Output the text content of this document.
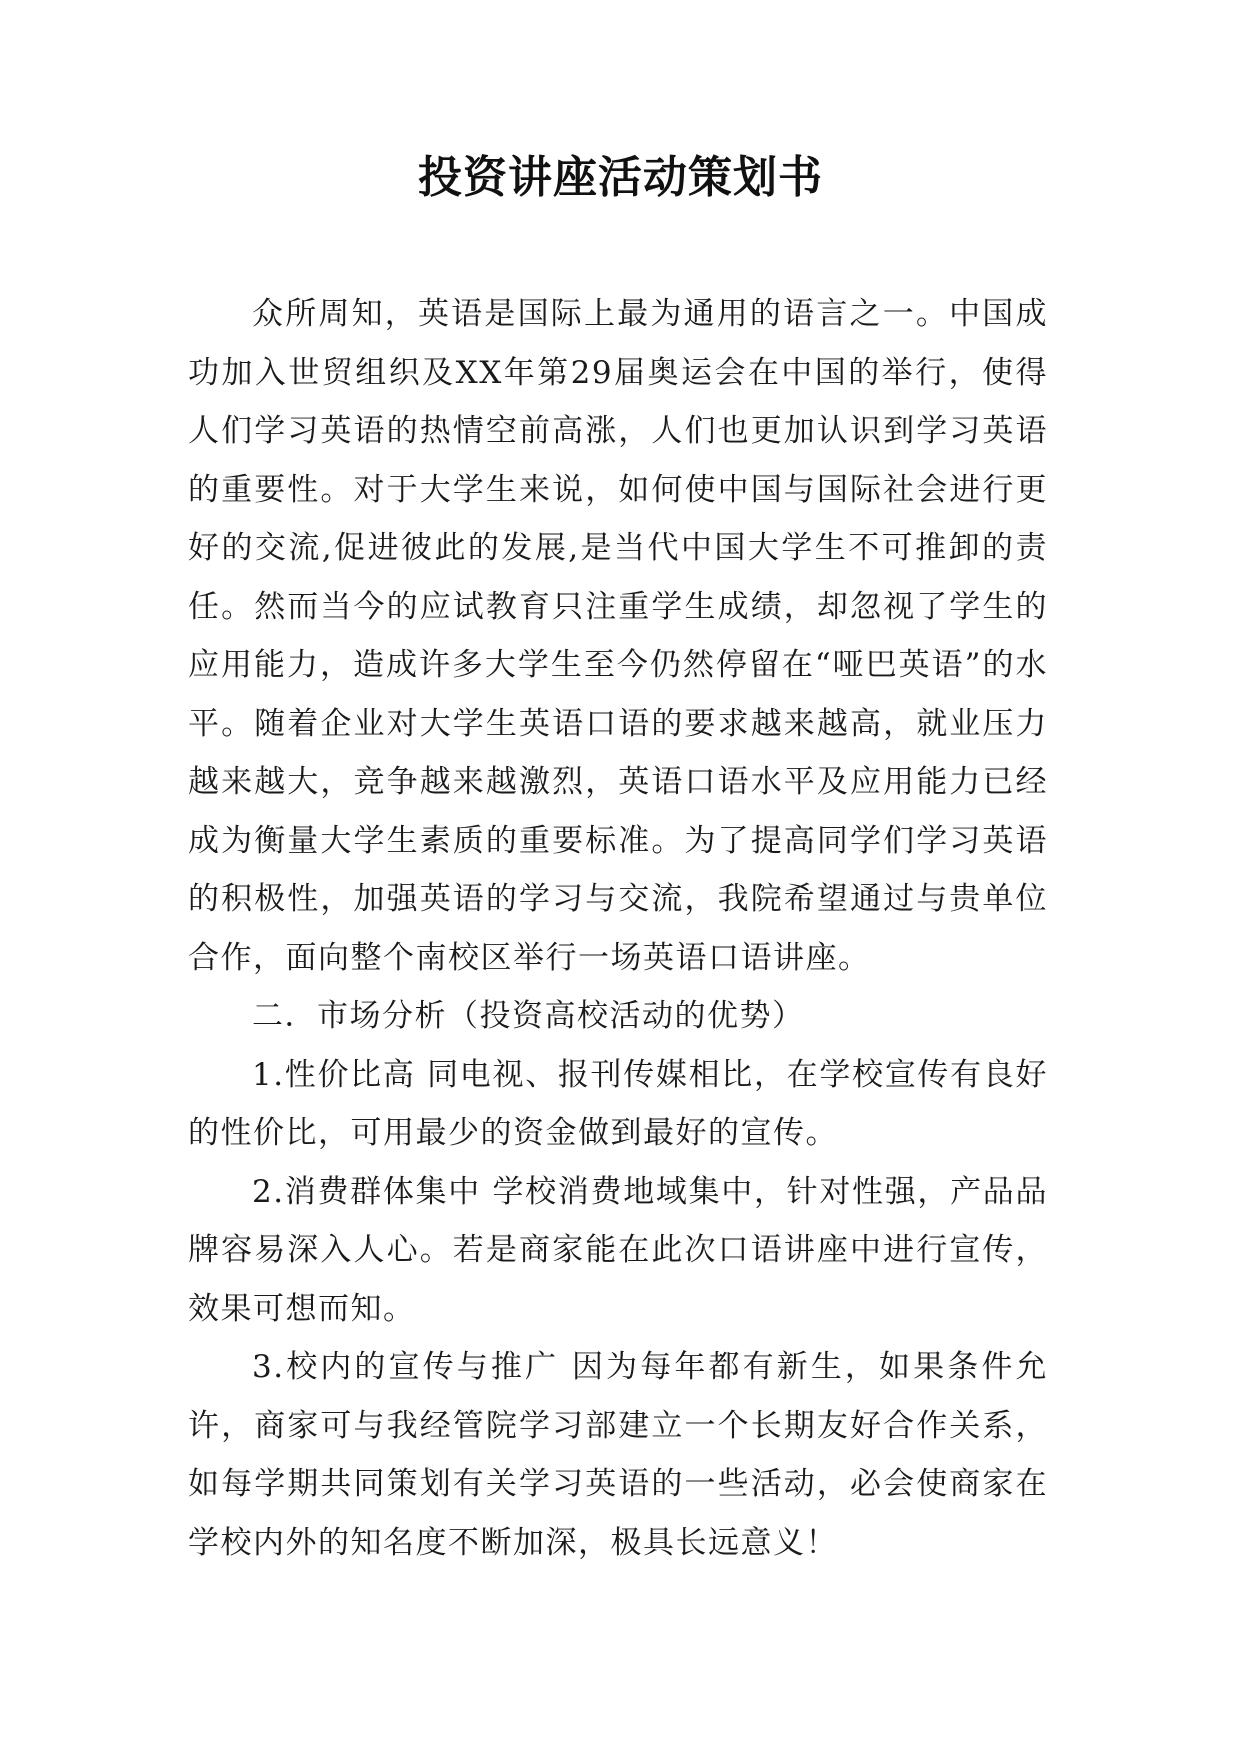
投资讲座活动策划书

众所周知，英语是国际上最为通用的语言之一。中国成功加入世贸组织及XX年第29届奥运会在中国的举行，使得人们学习英语的热情空前高涨，人们也更加认识到学习英语的重要性。对于大学生来说，如何使中国与国际社会进行更好的交流,促进彼此的发展,是当代中国大学生不可推卸的责任。然而当今的应试教育只注重学生成绩，却忽视了学生的应用能力，造成许多大学生至今仍然停留在“哑巴英语”的水平。随着企业对大学生英语口语的要求越来越高，就业压力越来越大，竞争越来越激烈，英语口语水平及应用能力已经成为衡量大学生素质的重要标准。为了提高同学们学习英语的积极性，加强英语的学习与交流，我院希望通过与贵单位合作，面向整个南校区举行一场英语口语讲座。

二．市场分析（投资高校活动的优势）

1.性价比高 同电视、报刊传媒相比，在学校宣传有良好的性价比，可用最少的资金做到最好的宣传。

2.消费群体集中 学校消费地域集中，针对性强，产品品牌容易深入人心。若是商家能在此次口语讲座中进行宣传，效果可想而知。

3.校内的宣传与推广 因为每年都有新生，如果条件允许，商家可与我经管院学习部建立一个长期友好合作关系，如每学期共同策划有关学习英语的一些活动，必会使商家在学校内外的知名度不断加深，极具长远意义！
